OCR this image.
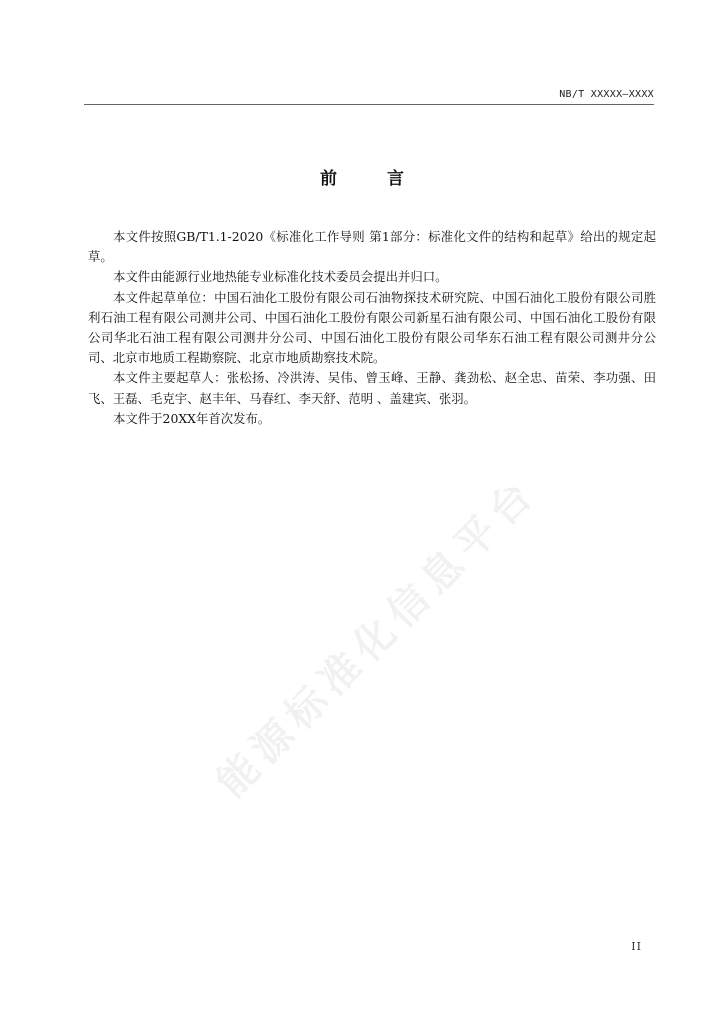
NB/T XXXXX—XXXX
前 言

本文件按照GB/T1.1-2020《标准化工作导则 第1部分：标准化文件的结构和起草》给出的规定起草。

本文件由能源行业地热能专业标准化技术委员会提出并归口。

本文件起草单位：中国石油化工股份有限公司石油物探技术研究院、中国石油化工股份有限公司胜利石油工程有限公司测井公司、中国石油化工股份有限公司新星石油有限公司、中国石油化工股份有限公司华北石油工程有限公司测井分公司、中国石油化工股份有限公司华东石油工程有限公司测井分公司、北京市地质工程勘察院、北京市地质勘察技术院。

本文件主要起草人：张松扬、冷洪涛、吴伟、曾玉峰、王静、龚劲松、赵全忠、苗荣、李功强、田飞、王磊、毛克宇、赵丰年、马春红、李天舒、范明 、盖建宾、张羽。

本文件于20XX年首次发布。

能源标准化信息平台
II
